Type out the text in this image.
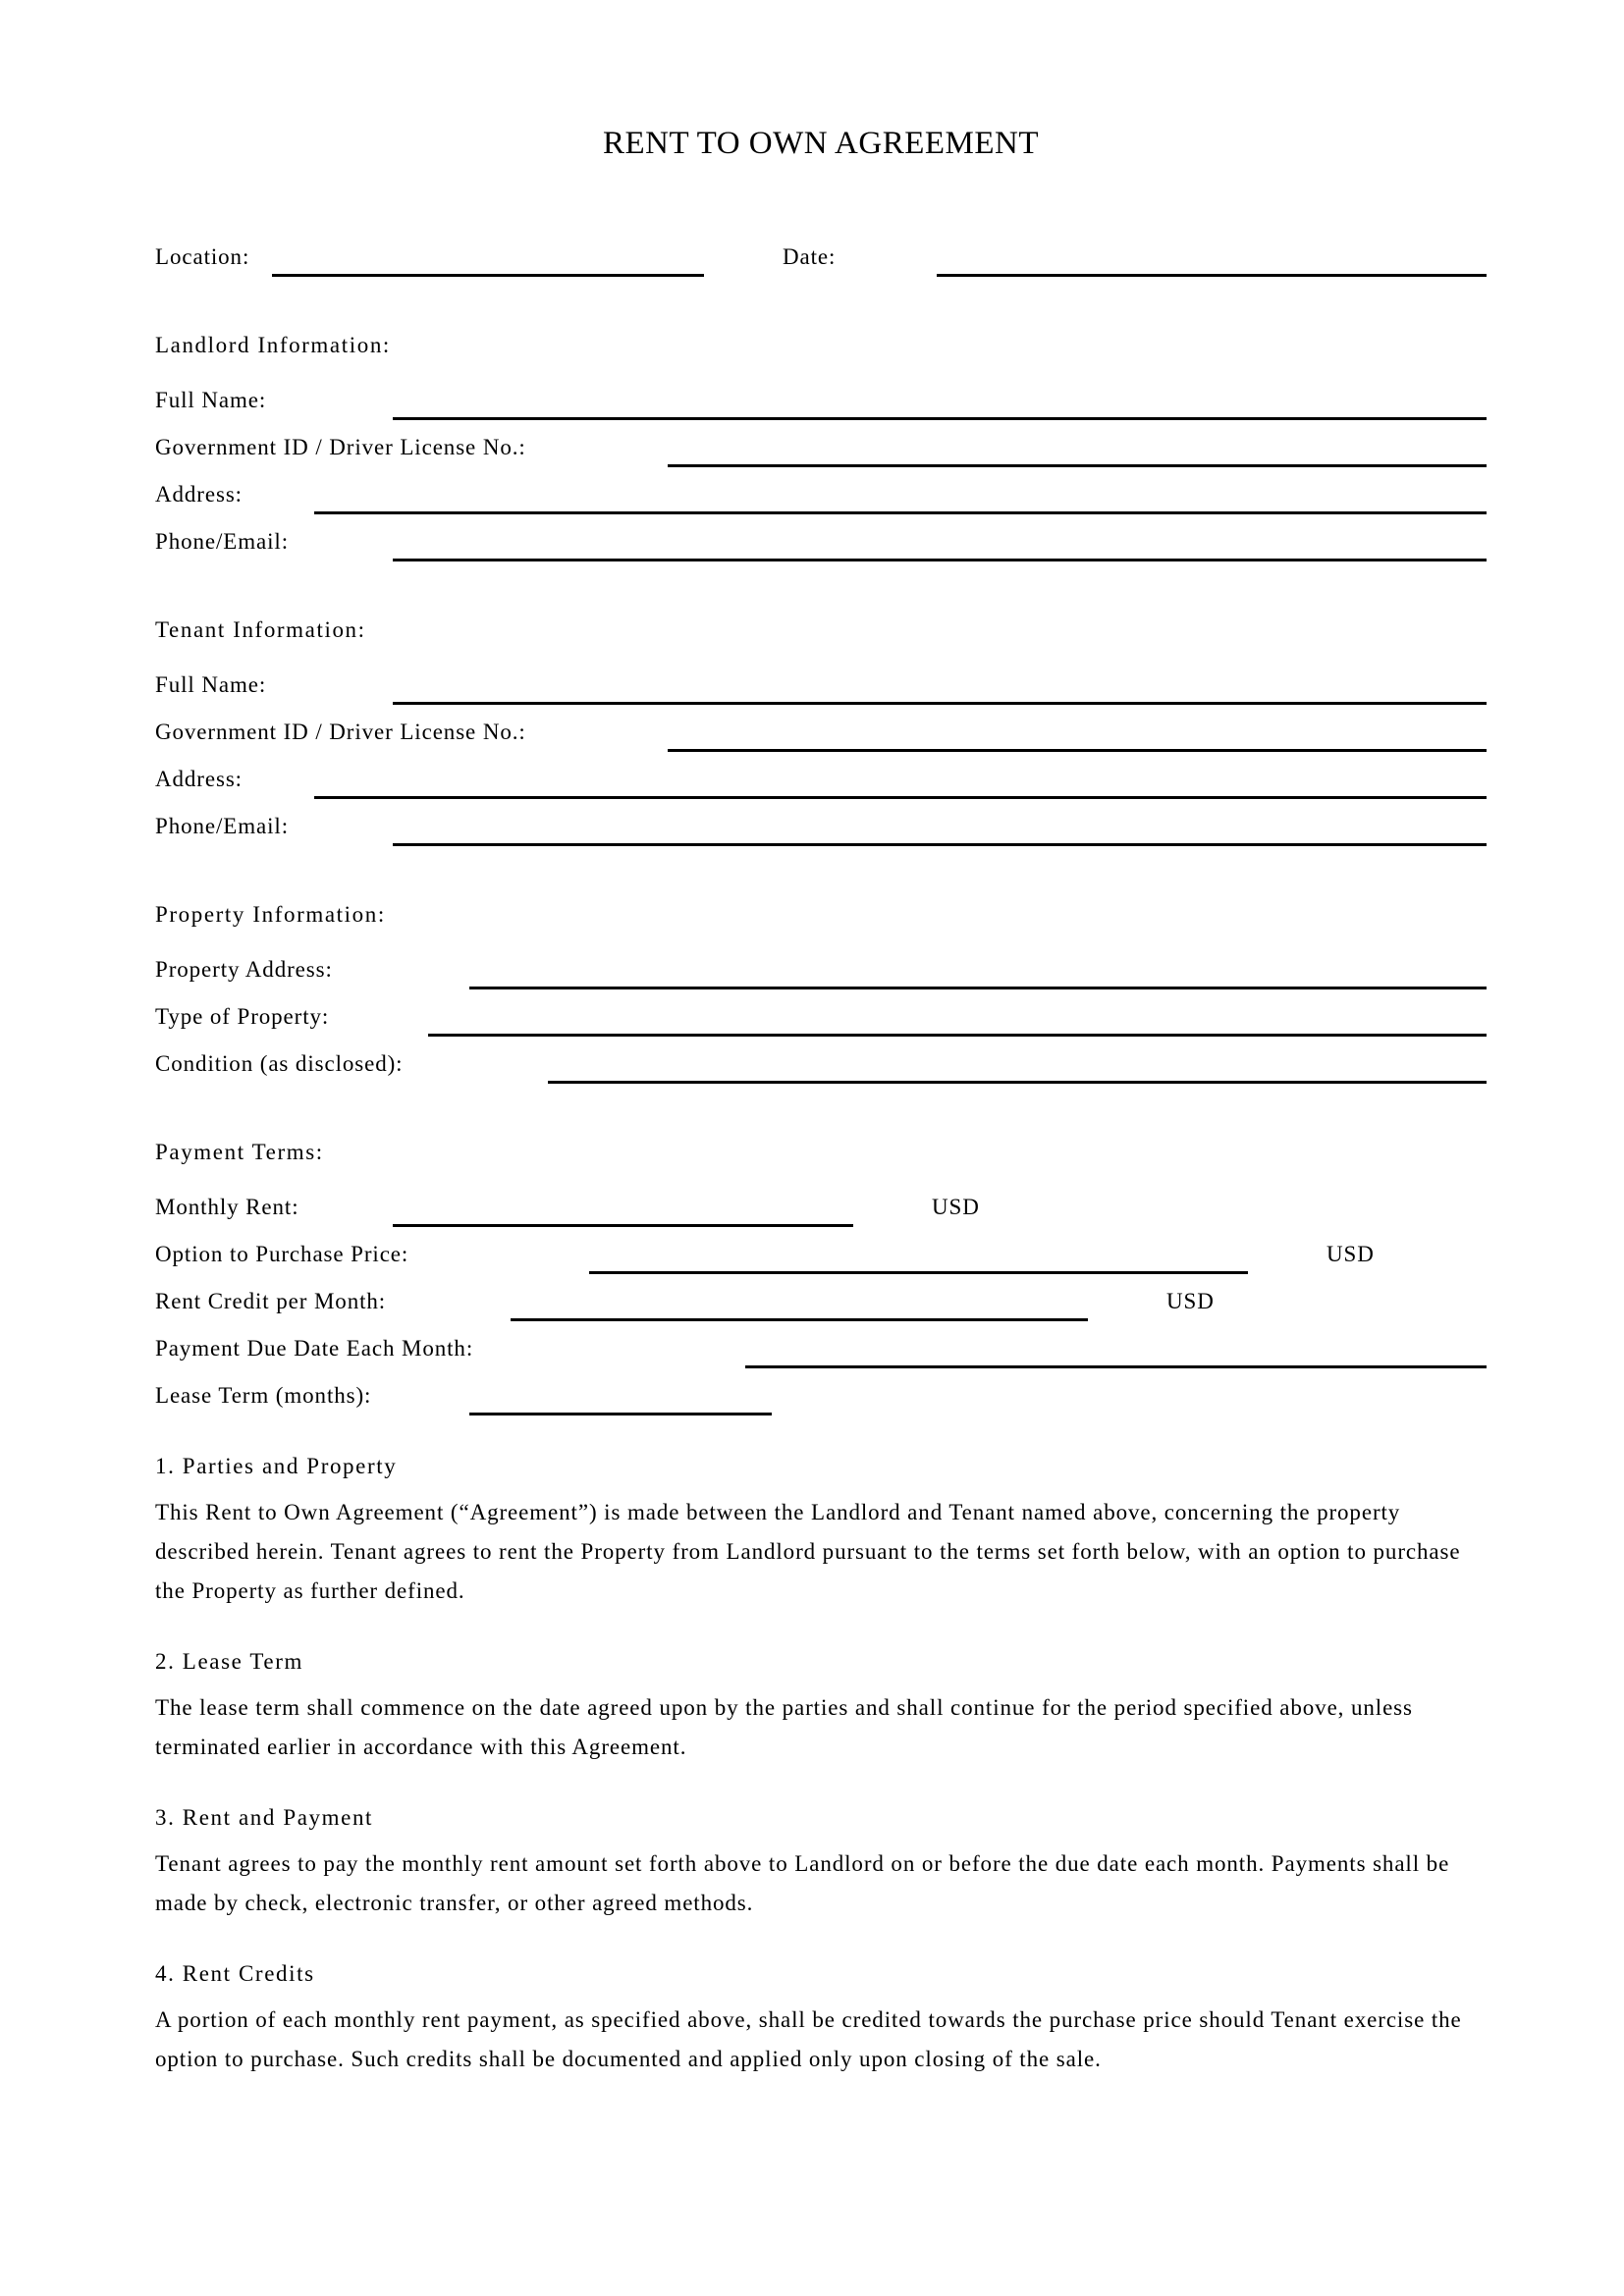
RENT TO OWN AGREEMENT
Location:	Date:
Landlord Information:
Full Name:
Government ID / Driver License No.:
Address:
Phone/Email:
Tenant Information:
Full Name:
Government ID / Driver License No.:
Address:
Phone/Email:
Property Information:
Property Address:
Type of Property:
Condition (as disclosed):
Payment Terms:
Monthly Rent:	USD
Option to Purchase Price:	USD
Rent Credit per Month:	USD
Payment Due Date Each Month:
Lease Term (months):
1. Parties and Property

This Rent to Own Agreement (“Agreement”) is made between the Landlord and Tenant named above, concerning the property described herein. Tenant agrees to rent the Property from Landlord pursuant to the terms set forth below, with an option to purchase the Property as further defined.

2. Lease Term

The lease term shall commence on the date agreed upon by the parties and shall continue for the period specified above, unless terminated earlier in accordance with this Agreement.

3. Rent and Payment

Tenant agrees to pay the monthly rent amount set forth above to Landlord on or before the due date each month. Payments shall be made by check, electronic transfer, or other agreed methods.

4. Rent Credits

A portion of each monthly rent payment, as specified above, shall be credited towards the purchase price should Tenant exercise the option to purchase. Such credits shall be documented and applied only upon closing of the sale.
